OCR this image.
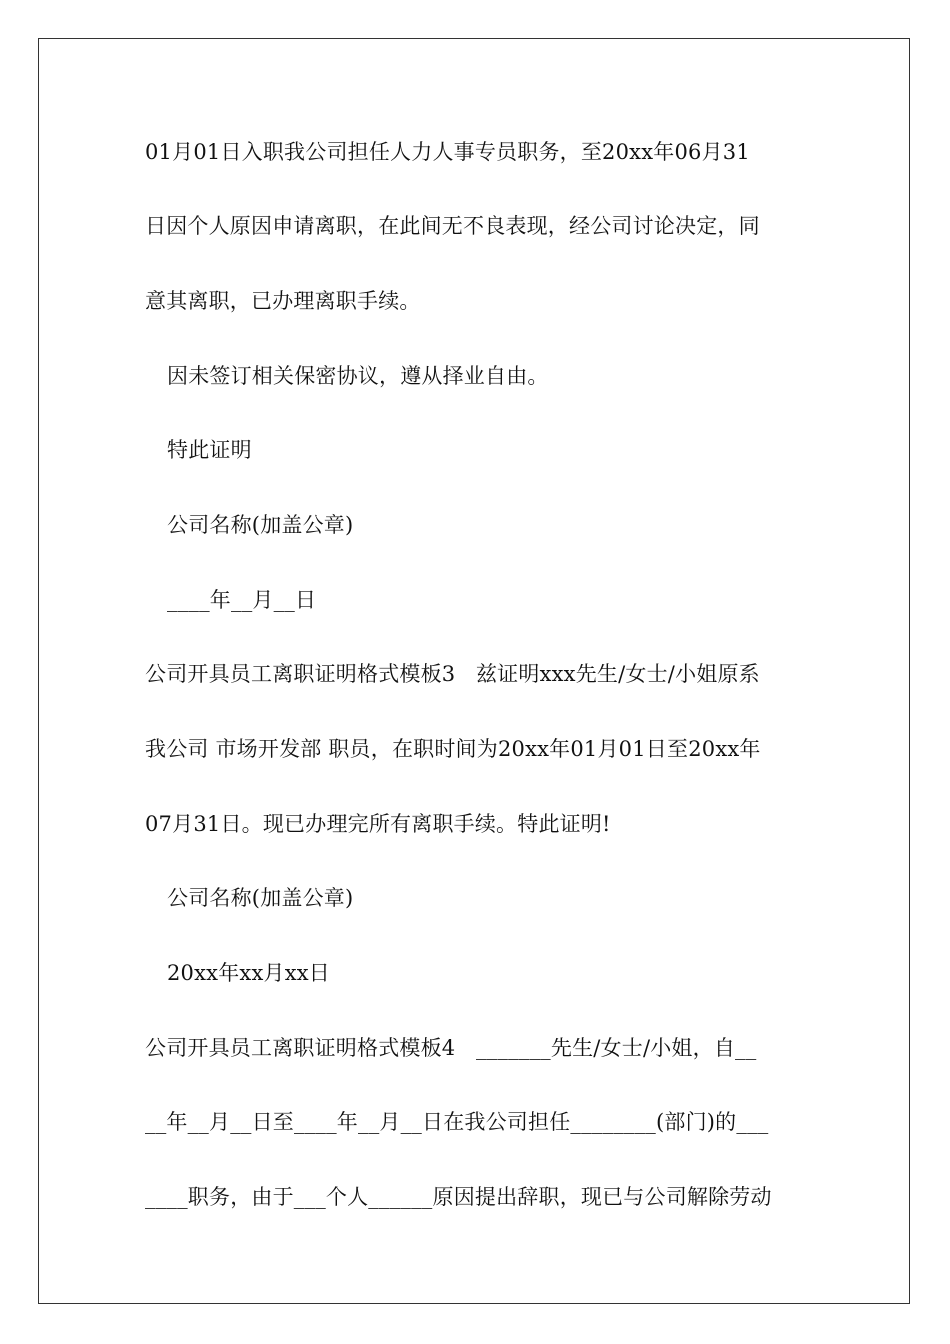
01月01日入职我公司担任人力人事专员职务，至20xx年06月31
日因个人原因申请离职，在此间无不良表现，经公司讨论决定，同
意其离职，已办理离职手续。
因未签订相关保密协议，遵从择业自由。
特此证明
公司名称(加盖公章)
____年__月__日
公司开具员工离职证明格式模板3   兹证明xxx先生/女士/小姐原系
我公司 市场开发部 职员，在职时间为20xx年01月01日至20xx年
07月31日。现已办理完所有离职手续。特此证明!
公司名称(加盖公章)
20xx年xx月xx日
公司开具员工离职证明格式模板4   _______先生/女士/小姐，自__
__年__月__日至____年__月__日在我公司担任________(部门)的___
____职务，由于___个人______原因提出辞职，现已与公司解除劳动
